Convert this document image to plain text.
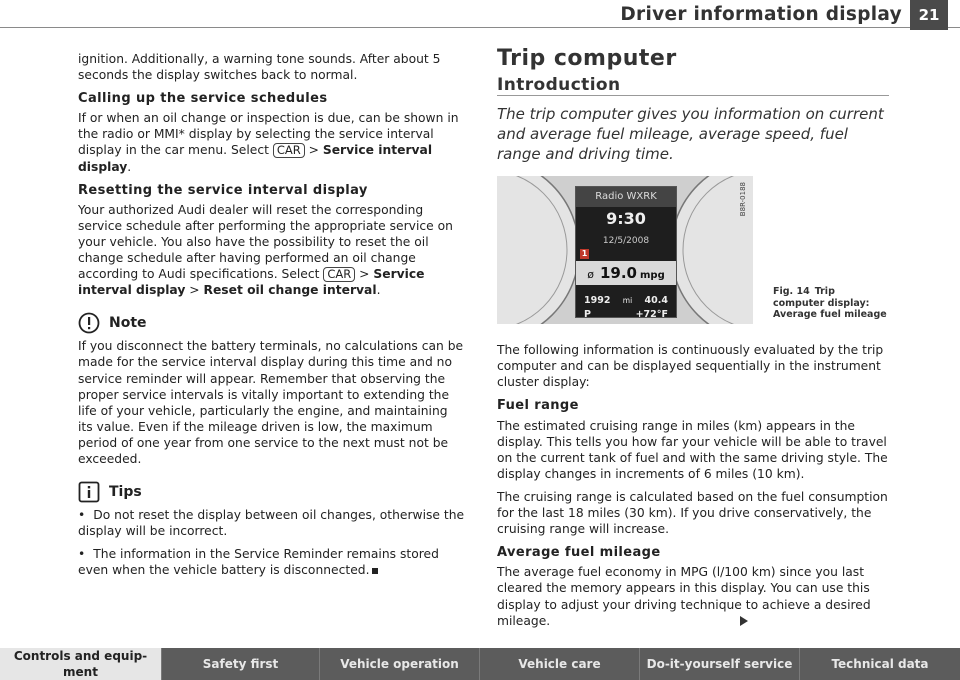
Driver information display	21
ignition. Additionally, a warning tone sounds. After about 5 seconds the display switches back to normal.
Calling up the service schedules
If or when an oil change or inspection is due, can be shown in the radio or MMI* display by selecting the service interval display in the car menu. Select CAR > Service interval display.
Resetting the service interval display
Your authorized Audi dealer will reset the corresponding service schedule after performing the appropriate service on your vehicle. You also have the possibility to reset the oil change schedule after having performed an oil change according to Audi specifications. Select CAR > Service interval display > Reset oil change interval.
Note
If you disconnect the battery terminals, no calculations can be made for the service interval display during this time and no service reminder will appear. Remember that observing the proper service intervals is vitally important to extending the life of your vehicle, particularly the engine, and maintaining its value. Even if the mileage driven is low, the maximum period of one year from one service to the next must not be exceeded.
Tips
• Do not reset the display between oil changes, otherwise the display will be incorrect.
• The information in the Service Reminder remains stored even when the vehicle battery is disconnected.
Trip computer
Introduction
The trip computer gives you information on current and average fuel mileage, average speed, fuel range and driving time.
Radio WXRK
9:30
12/5/2008
1
ø 19.0 mpg
1992 mi 40.4
P	+72°F
B8R-0188
Fig. 14 Trip computer display: Average fuel mileage
The following information is continuously evaluated by the trip computer and can be displayed sequentially in the instrument cluster display:
Fuel range
The estimated cruising range in miles (km) appears in the display. This tells you how far your vehicle will be able to travel on the current tank of fuel and with the same driving style. The display changes in increments of 6 miles (10 km).
The cruising range is calculated based on the fuel consumption for the last 18 miles (30 km). If you drive conservatively, the cruising range will increase.
Average fuel mileage
The average fuel economy in MPG (l/100 km) since you last cleared the memory appears in this display. You can use this display to adjust your driving technique to achieve a desired mileage.
Controls and equip-ment
Safety first	Vehicle operation	Vehicle care	Do-it-yourself service	Technical data
